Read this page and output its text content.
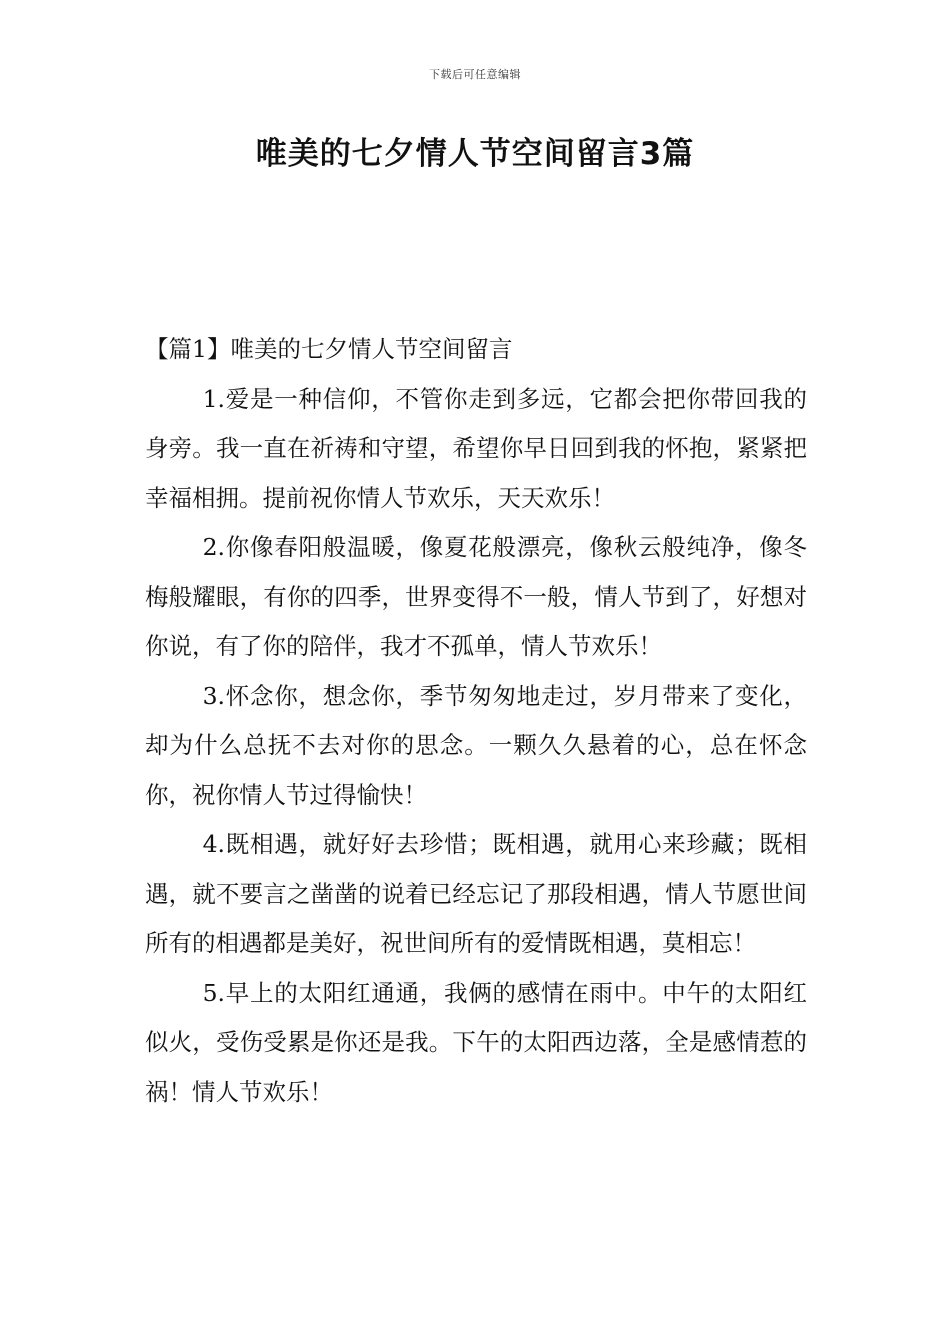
下载后可任意编辑
唯美的七夕情人节空间留言3篇
【篇1】唯美的七夕情人节空间留言

1.爱是一种信仰，不管你走到多远，它都会把你带回我的身旁。我一直在祈祷和守望，希望你早日回到我的怀抱，紧紧把幸福相拥。提前祝你情人节欢乐，天天欢乐！

2.你像春阳般温暖，像夏花般漂亮，像秋云般纯净，像冬梅般耀眼，有你的四季，世界变得不一般，情人节到了，好想对你说，有了你的陪伴，我才不孤单，情人节欢乐！

3.怀念你，想念你，季节匆匆地走过，岁月带来了变化，却为什么总抚不去对你的思念。一颗久久悬着的心，总在怀念你，祝你情人节过得愉快！

4.既相遇，就好好去珍惜；既相遇，就用心来珍藏；既相遇，就不要言之凿凿的说着已经忘记了那段相遇，情人节愿世间所有的相遇都是美好，祝世间所有的爱情既相遇，莫相忘！

5.早上的太阳红通通，我俩的感情在雨中。中午的太阳红似火，受伤受累是你还是我。下午的太阳西边落，全是感情惹的祸！情人节欢乐！
